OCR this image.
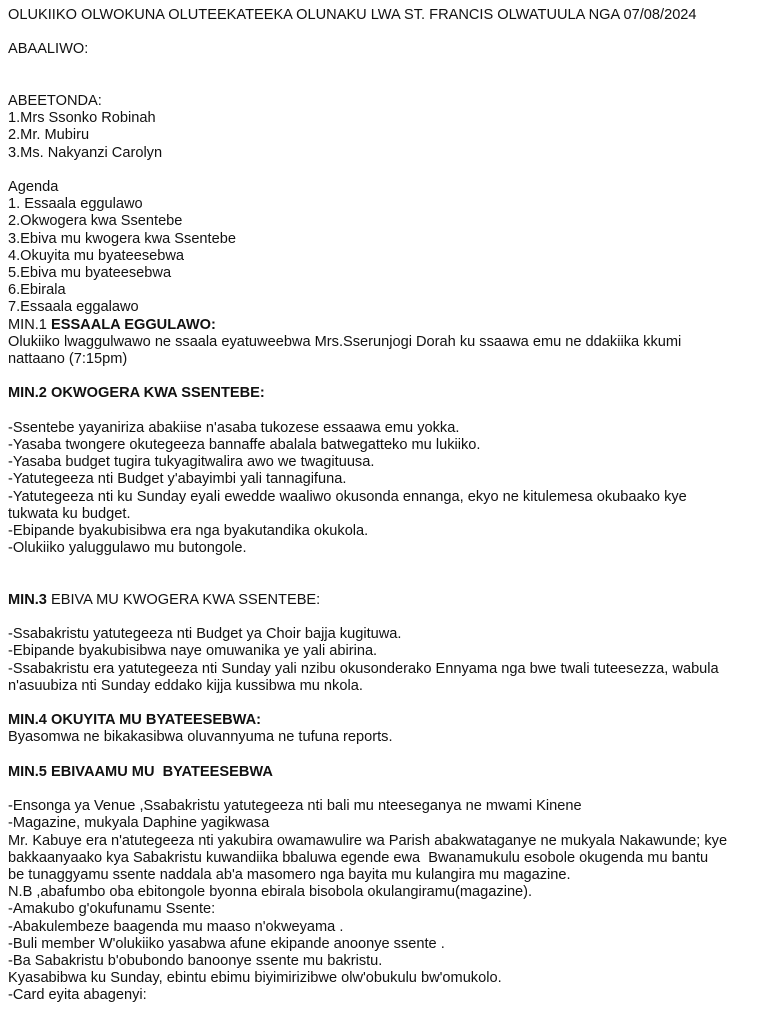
OLUKIIKO OLWOKUNA OLUTEEKATEEKA OLUNAKU LWA ST. FRANCIS OLWATUULA NGA 07/08/2024
ABAALIWO:
ABEETONDA:
1.Mrs Ssonko Robinah
2.Mr. Mubiru
3.Ms. Nakyanzi Carolyn
Agenda
1. Essaala eggulawo
2.Okwogera kwa Ssentebe
3.Ebiva mu kwogera kwa Ssentebe
4.Okuyita mu byateesebwa
5.Ebiva mu byateesebwa
6.Ebirala
7.Essaala eggalawo
MIN.1 ESSAALA EGGULAWO:
Olukiiko lwaggulwawo ne ssaala eyatuweebwa Mrs.Sserunjogi Dorah ku ssaawa emu ne ddakiika kkumi
nattaano (7:15pm)
MIN.2 OKWOGERA KWA SSENTEBE:
-Ssentebe yayaniriza abakiise n'asaba tukozese essaawa emu yokka.
-Yasaba twongere okutegeeza bannaffe abalala batwegatteko mu lukiiko.
-Yasaba budget tugira tukyagitwalira awo we twagituusa.
-Yatutegeeza nti Budget y'abayimbi yali tannagifuna.
-Yatutegeeza nti ku Sunday eyali ewedde waaliwo okusonda ennanga, ekyo ne kitulemesa okubaako kye
tukwata ku budget.
-Ebipande byakubisibwa era nga byakutandika okukola.
-Olukiiko yaluggulawo mu butongole.
MIN.3 EBIVA MU KWOGERA KWA SSENTEBE:
-Ssabakristu yatutegeeza nti Budget ya Choir bajja kugituwa.
-Ebipande byakubisibwa naye omuwanika ye yali abirina.
-Ssabakristu era yatutegeeza nti Sunday yali nzibu okusonderako Ennyama nga bwe twali tuteesezza, wabula
n'asuubiza nti Sunday eddako kijja kussibwa mu nkola.
MIN.4 OKUYITA MU BYATEESEBWA:
Byasomwa ne bikakasibwa oluvannyuma ne tufuna reports.
MIN.5 EBIVAAMU MU  BYATEESEBWA
-Ensonga ya Venue ,Ssabakristu yatutegeeza nti bali mu nteeseganya ne mwami Kinene
-Magazine, mukyala Daphine yagikwasa
Mr. Kabuye era n'atutegeeza nti yakubira owamawulire wa Parish abakwataganye ne mukyala Nakawunde; kye
bakkaanyaako kya Sabakristu kuwandiika bbaluwa egende ewa  Bwanamukulu esobole okugenda mu bantu
be tunaggyamu ssente naddala ab'a masomero nga bayita mu kulangira mu magazine.
N.B ,abafumbo oba ebitongole byonna ebirala bisobola okulangiramu(magazine).
-Amakubo g'okufunamu Ssente:
-Abakulembeze baagenda mu maaso n'okweyama .
-Buli member W'olukiiko yasabwa afune ekipande anoonye ssente .
-Ba Sabakristu b'obubondo banoonye ssente mu bakristu.
Kyasabibwa ku Sunday, ebintu ebimu biyimirizibwe olw'obukulu bw'omukolo.
-Card eyita abagenyi:
